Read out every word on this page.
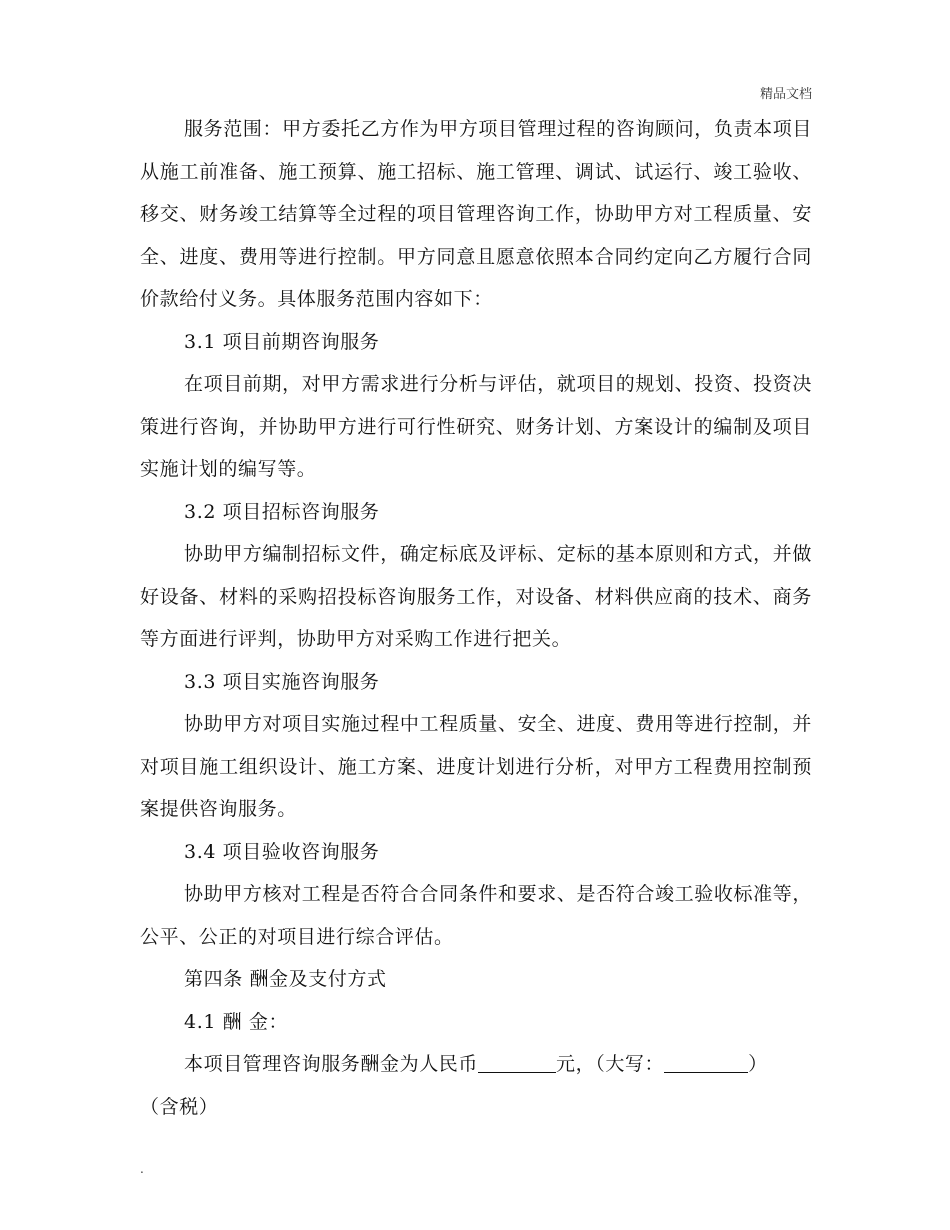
精品文档

服务范围：甲方委托乙方作为甲方项目管理过程的咨询顾问，负责本项目从施工前准备、施工预算、施工招标、施工管理、调试、试运行、竣工验收、移交、财务竣工结算等全过程的项目管理咨询工作，协助甲方对工程质量、安全、进度、费用等进行控制。甲方同意且愿意依照本合同约定向乙方履行合同价款给付义务。具体服务范围内容如下：

3.1 项目前期咨询服务

在项目前期，对甲方需求进行分析与评估，就项目的规划、投资、投资决策进行咨询，并协助甲方进行可行性研究、财务计划、方案设计的编制及项目实施计划的编写等。

3.2 项目招标咨询服务

协助甲方编制招标文件，确定标底及评标、定标的基本原则和方式，并做好设备、材料的采购招投标咨询服务工作，对设备、材料供应商的技术、商务等方面进行评判，协助甲方对采购工作进行把关。

3.3 项目实施咨询服务

协助甲方对项目实施过程中工程质量、安全、进度、费用等进行控制，并对项目施工组织设计、施工方案、进度计划进行分析，对甲方工程费用控制预案提供咨询服务。

3.4 项目验收咨询服务

协助甲方核对工程是否符合合同条件和要求、是否符合竣工验收标准等，公平、公正的对项目进行综合评估。

第四条 酬金及支付方式

4.1 酬 金：

本项目管理咨询服务酬金为人民币	元，（大写：	）
（含税）

.
